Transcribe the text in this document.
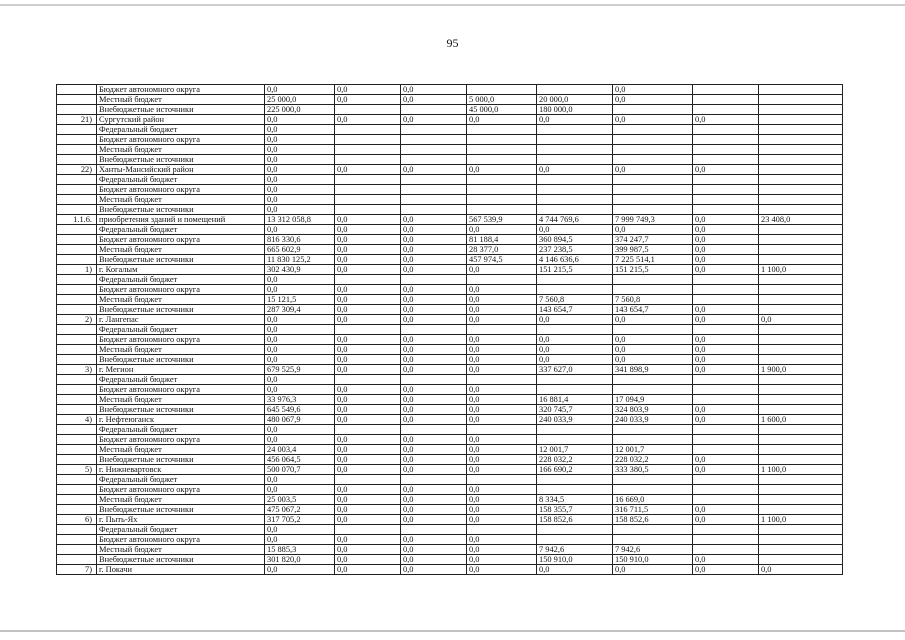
95
	Бюджет автономного округа	0,0	0,0	0,0			0,0		
	Местный бюджет	25 000,0	0,0	0,0	5 000,0	20 000,0	0,0		
	Внебюджетные источники	225 000,0			45 000,0	180 000,0			
21)	Сургутский район	0,0	0,0	0,0	0,0	0,0	0,0	0,0	
	Федеральный бюджет	0,0							
	Бюджет автономного округа	0,0							
	Местный бюджет	0,0							
	Внебюджетные источники	0,0							
22)	Ханты-Мансийский район	0,0	0,0	0,0	0,0	0,0	0,0	0,0	
	Федеральный бюджет	0,0							
	Бюджет автономного округа	0,0							
	Местный бюджет	0,0							
	Внебюджетные источники	0,0							
1.1.6.	приобретения зданий и помещений	13 312 058,8	0,0	0,0	567 539,9	4 744 769,6	7 999 749,3	0,0	23 408,0
	Федеральный бюджет	0,0	0,0	0,0	0,0	0,0	0,0	0,0	
	Бюджет автономного округа	816 330,6	0,0	0,0	81 188,4	360 894,5	374 247,7	0,0	
	Местный бюджет	665 602,9	0,0	0,0	28 377,0	237 238,5	399 987,5	0,0	
	Внебюджетные источники	11 830 125,2	0,0	0,0	457 974,5	4 146 636,6	7 225 514,1	0,0	
1)	г. Когалым	302 430,9	0,0	0,0	0,0	151 215,5	151 215,5	0,0	1 100,0
	Федеральный бюджет	0,0							
	Бюджет автономного округа	0,0	0,0	0,0	0,0				
	Местный бюджет	15 121,5	0,0	0,0	0,0	7 560,8	7 560,8		
	Внебюджетные источники	287 309,4	0,0	0,0	0,0	143 654,7	143 654,7	0,0	
2)	г. Лангепас	0,0	0,0	0,0	0,0	0,0	0,0	0,0	0,0
	Федеральный бюджет	0,0							
	Бюджет автономного округа	0,0	0,0	0,0	0,0	0,0	0,0	0,0	
	Местный бюджет	0,0	0,0	0,0	0,0	0,0	0,0	0,0	
	Внебюджетные источники	0,0	0,0	0,0	0,0	0,0	0,0	0,0	
3)	г. Мегион	679 525,9	0,0	0,0	0,0	337 627,0	341 898,9	0,0	1 900,0
	Федеральный бюджет	0,0							
	Бюджет автономного округа	0,0	0,0	0,0	0,0				
	Местный бюджет	33 976,3	0,0	0,0	0,0	16 881,4	17 094,9		
	Внебюджетные источники	645 549,6	0,0	0,0	0,0	320 745,7	324 803,9	0,0	
4)	г. Нефтеюганск	480 067,9	0,0	0,0	0,0	240 033,9	240 033,9	0,0	1 600,0
	Федеральный бюджет	0,0							
	Бюджет автономного округа	0,0	0,0	0,0	0,0				
	Местный бюджет	24 003,4	0,0	0,0	0,0	12 001,7	12 001,7		
	Внебюджетные источники	456 064,5	0,0	0,0	0,0	228 032,2	228 032,2	0,0	
5)	г. Нижневартовск	500 070,7	0,0	0,0	0,0	166 690,2	333 380,5	0,0	1 100,0
	Федеральный бюджет	0,0							
	Бюджет автономного округа	0,0	0,0	0,0	0,0				
	Местный бюджет	25 003,5	0,0	0,0	0,0	8 334,5	16 669,0		
	Внебюджетные источники	475 067,2	0,0	0,0	0,0	158 355,7	316 711,5	0,0	
6)	г. Пыть-Ях	317 705,2	0,0	0,0	0,0	158 852,6	158 852,6	0,0	1 100,0
	Федеральный бюджет	0,0							
	Бюджет автономного округа	0,0	0,0	0,0	0,0				
	Местный бюджет	15 885,3	0,0	0,0	0,0	7 942,6	7 942,6		
	Внебюджетные источники	301 820,0	0,0	0,0	0,0	150 910,0	150 910,0	0,0	
7)	г. Покачи	0,0	0,0	0,0	0,0	0,0	0,0	0,0	0,0
